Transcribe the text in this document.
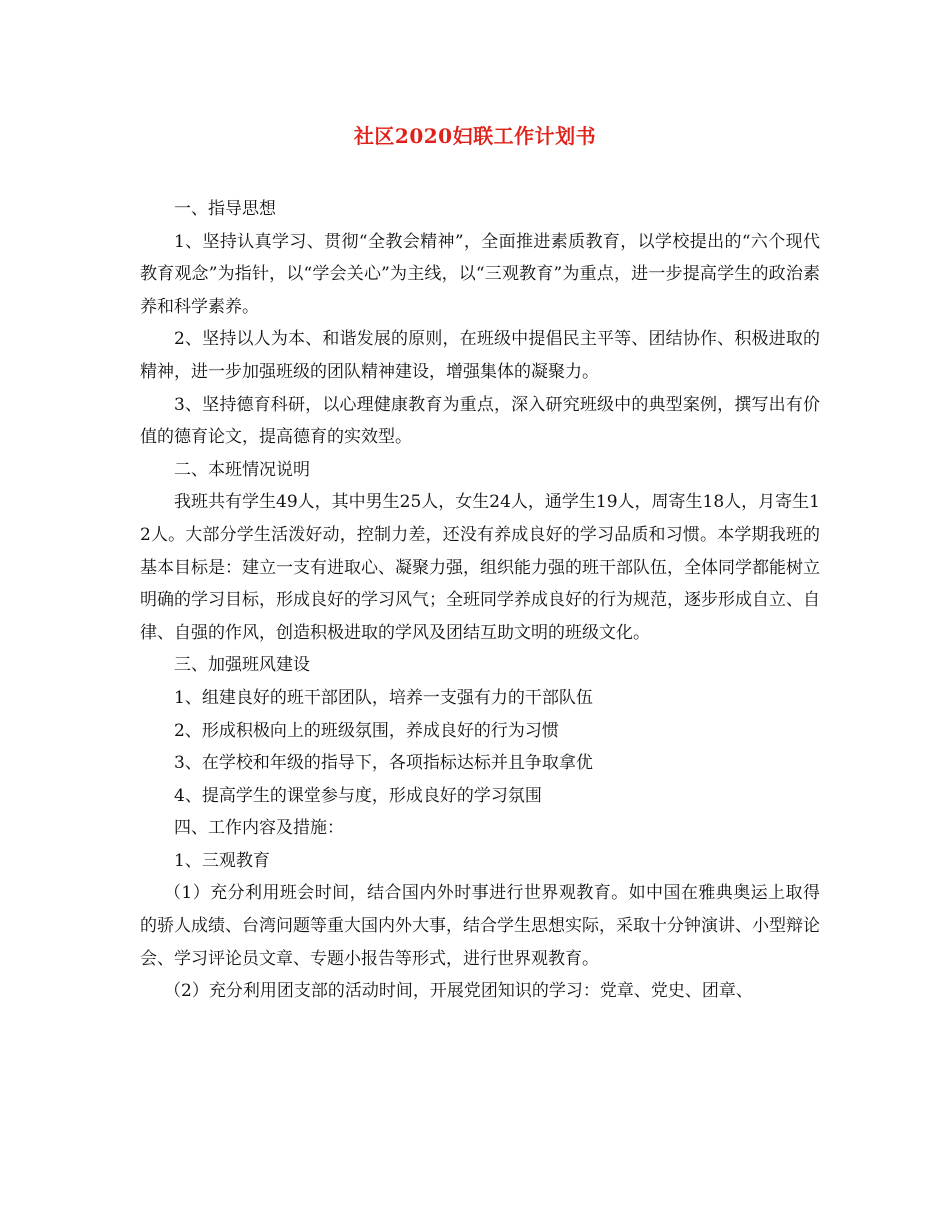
社区2020妇联工作计划书

一、指导思想

1、坚持认真学习、贯彻“全教会精神”，全面推进素质教育，以学校提出的“六个现代教育观念”为指针，以“学会关心”为主线，以“三观教育”为重点，进一步提高学生的政治素养和科学素养。

2、坚持以人为本、和谐发展的原则，在班级中提倡民主平等、团结协作、积极进取的精神，进一步加强班级的团队精神建设，增强集体的凝聚力。

3、坚持德育科研，以心理健康教育为重点，深入研究班级中的典型案例，撰写出有价值的德育论文，提高德育的实效型。

二、本班情况说明

我班共有学生49人，其中男生25人，女生24人，通学生19人，周寄生18人，月寄生12人。大部分学生活泼好动，控制力差，还没有养成良好的学习品质和习惯。本学期我班的基本目标是：建立一支有进取心、凝聚力强，组织能力强的班干部队伍，全体同学都能树立明确的学习目标，形成良好的学习风气；全班同学养成良好的行为规范，逐步形成自立、自律、自强的作风，创造积极进取的学风及团结互助文明的班级文化。

三、加强班风建设

1、组建良好的班干部团队，培养一支强有力的干部队伍

2、形成积极向上的班级氛围，养成良好的行为习惯

3、在学校和年级的指导下，各项指标达标并且争取拿优

4、提高学生的课堂参与度，形成良好的学习氛围

四、工作内容及措施：

1、三观教育

（1）充分利用班会时间，结合国内外时事进行世界观教育。如中国在雅典奥运上取得的骄人成绩、台湾问题等重大国内外大事，结合学生思想实际，采取十分钟演讲、小型辩论会、学习评论员文章、专题小报告等形式，进行世界观教育。

（2）充分利用团支部的活动时间，开展党团知识的学习：党章、党史、团章、
